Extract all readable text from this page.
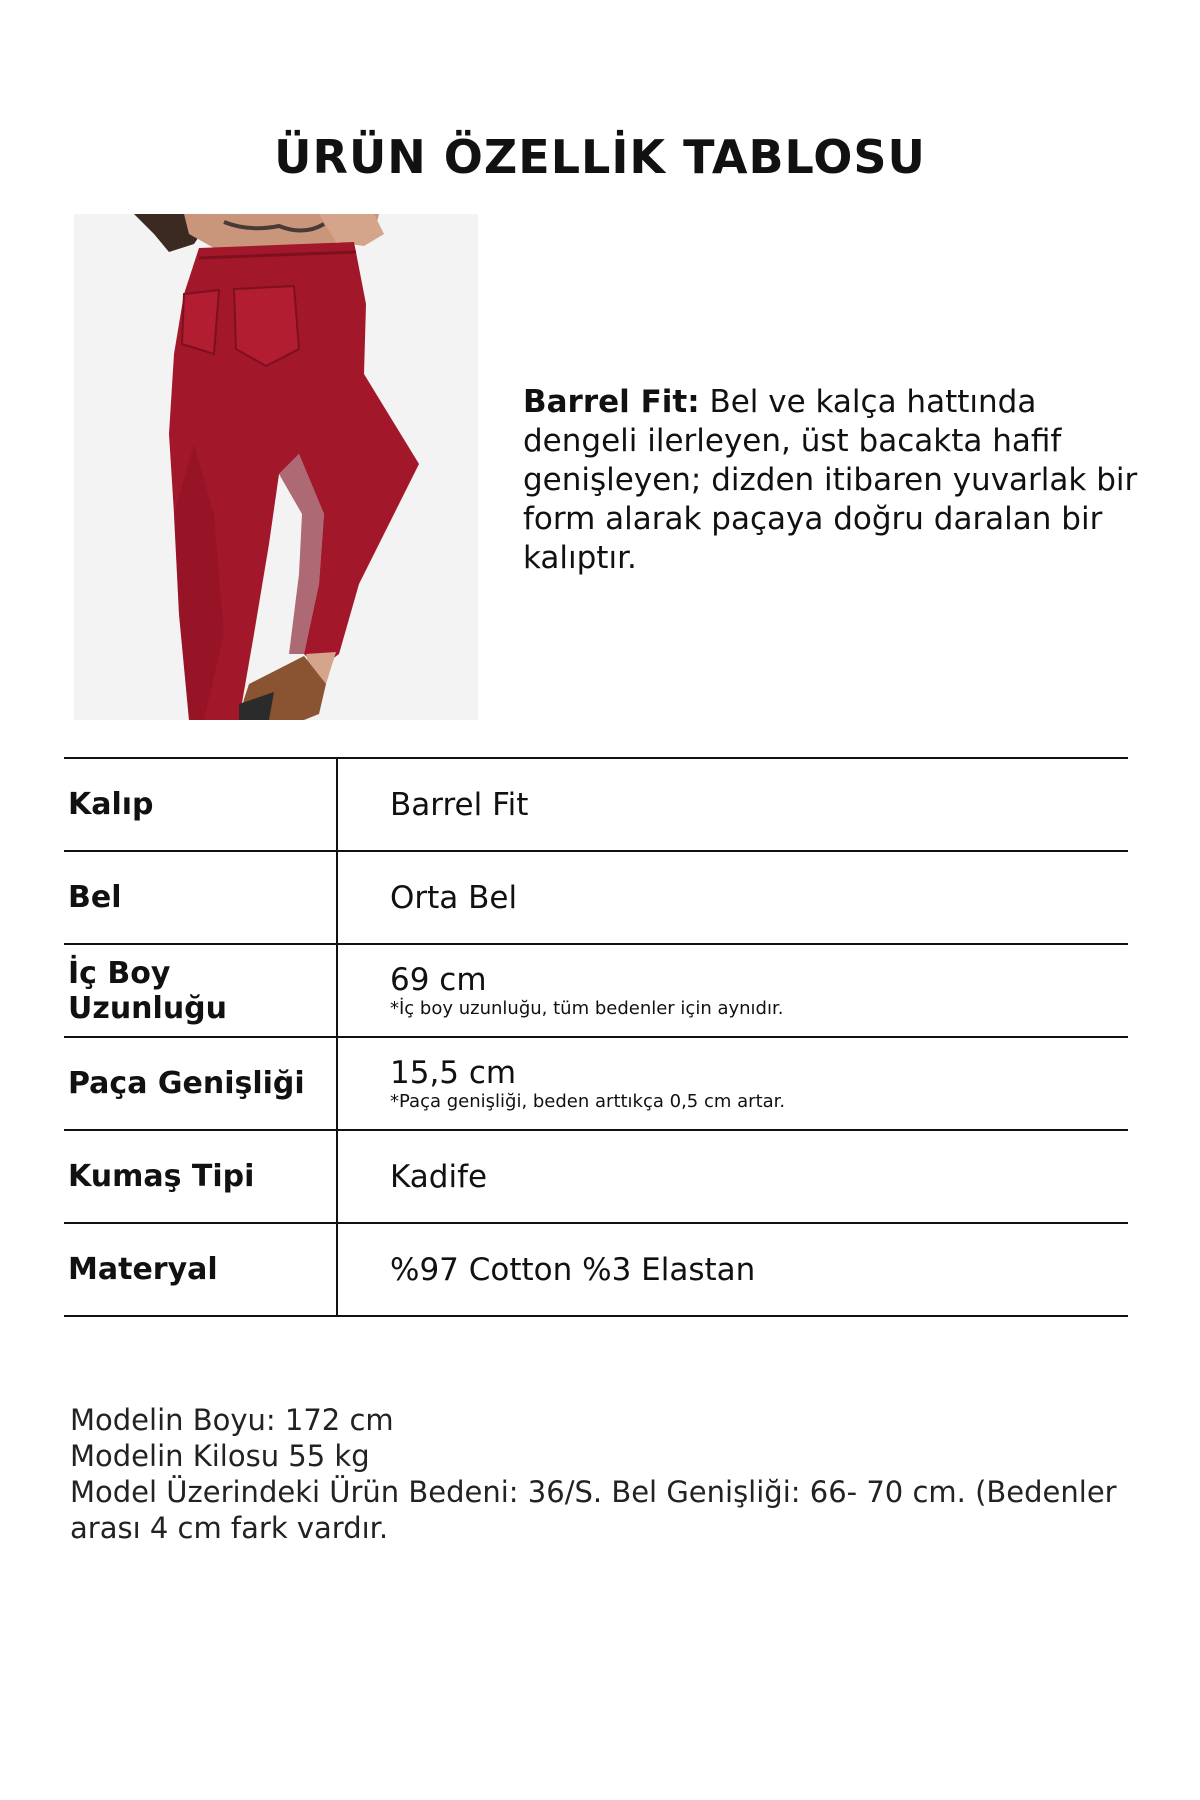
ÜRÜN ÖZELLİK TABLOSU

Barrel Fit: Bel ve kalça hattında dengeli ilerleyen, üst bacakta hafif genişleyen; dizden itibaren yuvarlak bir form alarak paçaya doğru daralan bir kalıptır.

Kalıp	Barrel Fit

Bel	Orta Bel

İç Boy Uzunluğu	69 cm
*İç boy uzunluğu, tüm bedenler için aynıdır.

Paça Genişliği	15,5 cm
*Paça genişliği, beden arttıkça 0,5 cm artar.

Kumaş Tipi	Kadife

Materyal	%97 Cotton %3 Elastan

Modelin Boyu: 172 cm

Modelin Kilosu 55 kg

Model Üzerindeki Ürün Bedeni: 36/S. Bel Genişliği: 66- 70 cm. (Bedenler arası 4 cm fark vardır.
